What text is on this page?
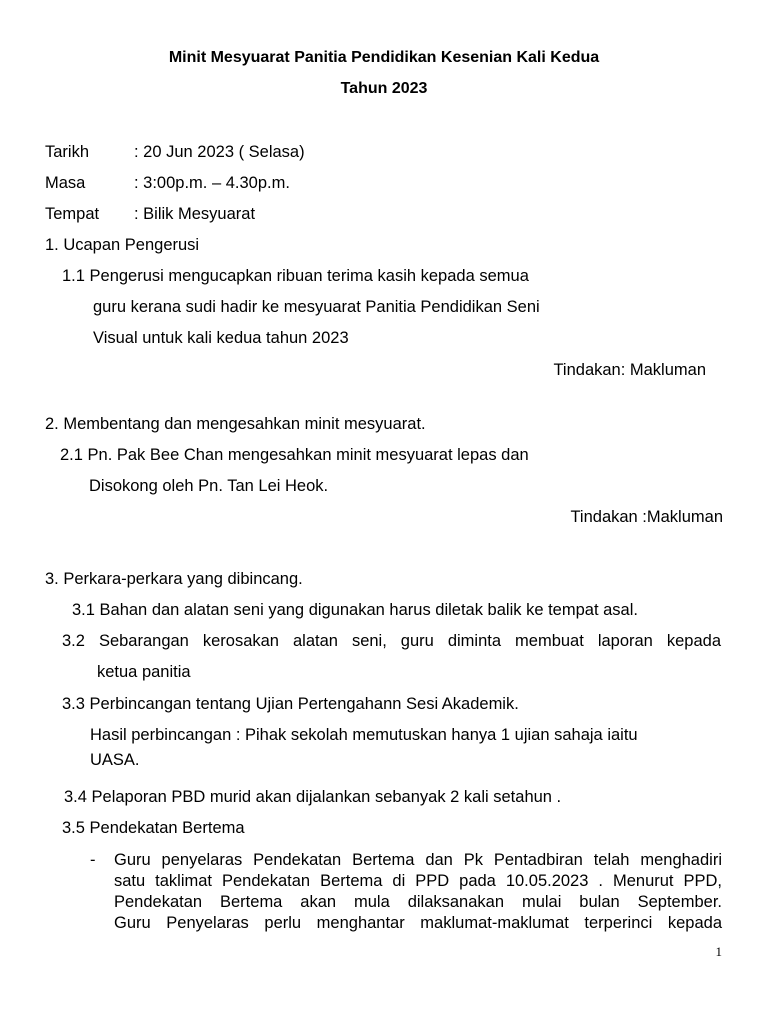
Minit Mesyuarat Panitia Pendidikan Kesenian Kali Kedua
Tahun 2023
Tarikh	: 20 Jun 2023 ( Selasa)
Masa	: 3:00p.m. – 4.30p.m.
Tempat : Bilik Mesyuarat
1. Ucapan Pengerusi
1.1 Pengerusi mengucapkan ribuan terima kasih kepada semua
guru kerana sudi hadir ke mesyuarat Panitia Pendidikan Seni
Visual untuk kali kedua tahun 2023
Tindakan: Makluman
2. Membentang dan mengesahkan minit mesyuarat.
2.1 Pn. Pak Bee Chan mengesahkan minit mesyuarat lepas dan
Disokong oleh Pn. Tan Lei Heok.
Tindakan :Makluman
3. Perkara-perkara yang dibincang.
3.1 Bahan dan alatan seni yang digunakan harus diletak balik ke tempat asal.
3.2 Sebarangan kerosakan alatan seni, guru diminta membuat laporan kepada
ketua panitia
3.3 Perbincangan tentang Ujian Pertengahann Sesi Akademik.
Hasil perbincangan : Pihak sekolah memutuskan hanya 1 ujian sahaja iaitu
UASA.
3.4 Pelaporan PBD murid akan dijalankan sebanyak 2 kali setahun .
3.5 Pendekatan Bertema
- Guru penyelaras Pendekatan Bertema dan Pk Pentadbiran telah menghadiri
satu taklimat Pendekatan Bertema di PPD pada 10.05.2023 . Menurut PPD,
Pendekatan Bertema akan mula dilaksanakan mulai bulan September.
Guru Penyelaras perlu menghantar maklumat-maklumat terperinci kepada
1
